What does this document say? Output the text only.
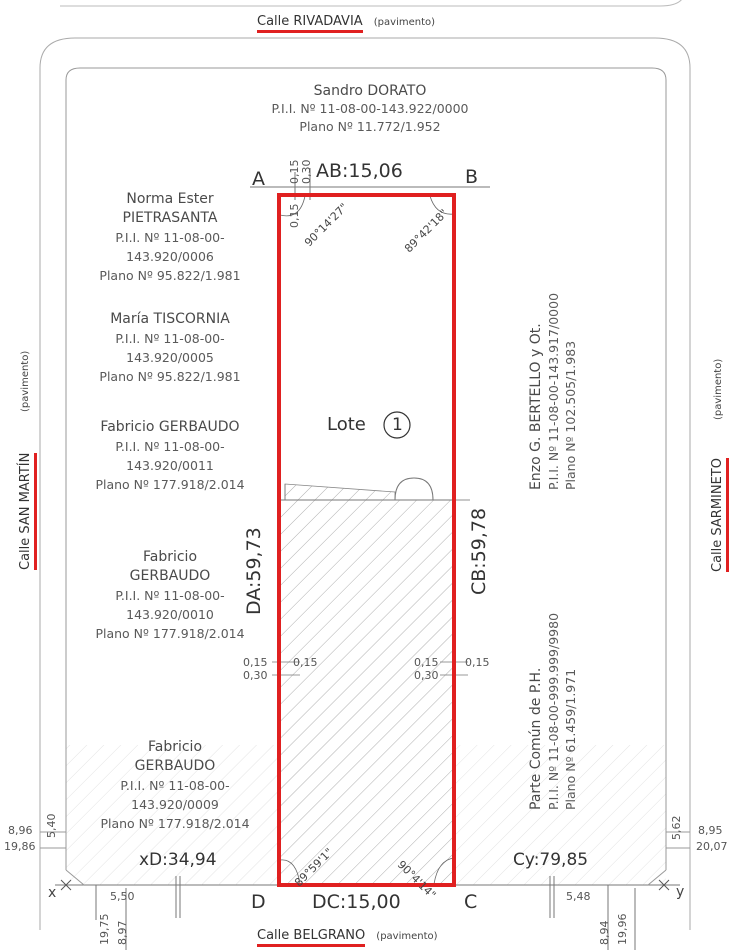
Calle RIVADAVIA (pavimento)
Calle BELGRANO (pavimento)
Calle SAN MARTÍN
(pavimento)
Calle SARMINETO
(pavimento)
Sandro DORATO
P.I.I. Nº 11-08-00-143.922/0000
Plano Nº 11.772/1.952
Norma Ester
PIETRASANTA
P.I.I. Nº 11-08-00-
143.920/0006
Plano Nº 95.822/1.981
María TISCORNIA
P.I.I. Nº 11-08-00-
143.920/0005
Plano Nº 95.822/1.981
Fabricio GERBAUDO
P.I.I. Nº 11-08-00-
143.920/0011
Plano Nº 177.918/2.014
Fabricio
GERBAUDO
P.I.I. Nº 11-08-00-
143.920/0010
Plano Nº 177.918/2.014
Fabricio
GERBAUDO
P.I.I. Nº 11-08-00-
143.920/0009
Plano Nº 177.918/2.014
Enzo G. BERTELLO y Ot. P.I.I. Nº 11-08-00-143.917/0000 Plano Nº 102.505/1.983
Parte Común de P.H. P.I.I. Nº 11-08-00-999.999/9980 Plano Nº 61.459/1.971
A	B
D	C
x	y
AB:15,06
DC:15,00
DA:59,73	CB:59,78
Lote 1
xD:34,94	Cy:79,85
90°14'27"	89°42'18"
89°59'1"	90°4'14"
0,15 0,30
0,15
0,15 0,15
0,30
0,15 0,15
0,30
5,40
8,96
19,86
5,62 8,95
20,07
5,50
19,75 8,97
5,48
8,94 19,96
